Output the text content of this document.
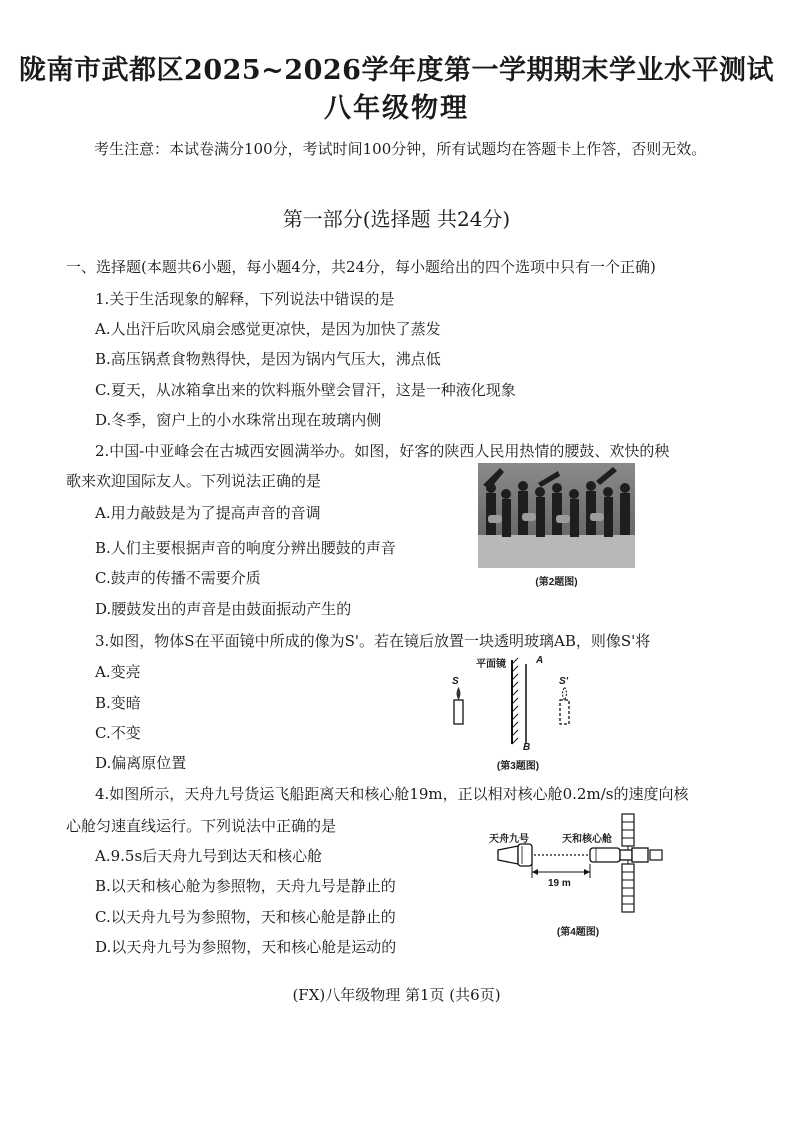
陇南市武都区2025~2026学年度第一学期期末学业水平测试
八年级物理
考生注意：本试卷满分100分，考试时间100分钟，所有试题均在答题卡上作答，否则无效。
第一部分(选择题 共24分)
一、选择题(本题共6小题，每小题4分，共24分，每小题给出的四个选项中只有一个正确)
1.关于生活现象的解释，下列说法中错误的是
A.人出汗后吹风扇会感觉更凉快，是因为加快了蒸发
B.高压锅煮食物熟得快，是因为锅内气压大，沸点低
C.夏天，从冰箱拿出来的饮料瓶外壁会冒汗，这是一种液化现象
D.冬季，窗户上的小水珠常出现在玻璃内侧
2.中国-中亚峰会在古城西安圆满举办。如图，好客的陕西人民用热情的腰鼓、欢快的秧
歌来欢迎国际友人。下列说法正确的是
A.用力敲鼓是为了提高声音的音调
B.人们主要根据声音的响度分辨出腰鼓的声音
C.鼓声的传播不需要介质
D.腰鼓发出的声音是由鼓面振动产生的
(第2题图)
3.如图，物体S在平面镜中所成的像为S'。若在镜后放置一块透明玻璃AB，则像S'将
A.变亮
B.变暗
C.不变
D.偏离原位置
平面镜	A
S	S'
B
(第3题图)
4.如图所示，天舟九号货运飞船距离天和核心舱19m，正以相对核心舱0.2m/s的速度向核
心舱匀速直线运行。下列说法中正确的是
A.9.5s后天舟九号到达天和核心舱
B.以天和核心舱为参照物，天舟九号是静止的
C.以天舟九号为参照物，天和核心舱是静止的
D.以天舟九号为参照物，天和核心舱是运动的
天舟九号	天和核心舱
19 m
(第4题图)
(FX)八年级物理 第1页 (共6页)
